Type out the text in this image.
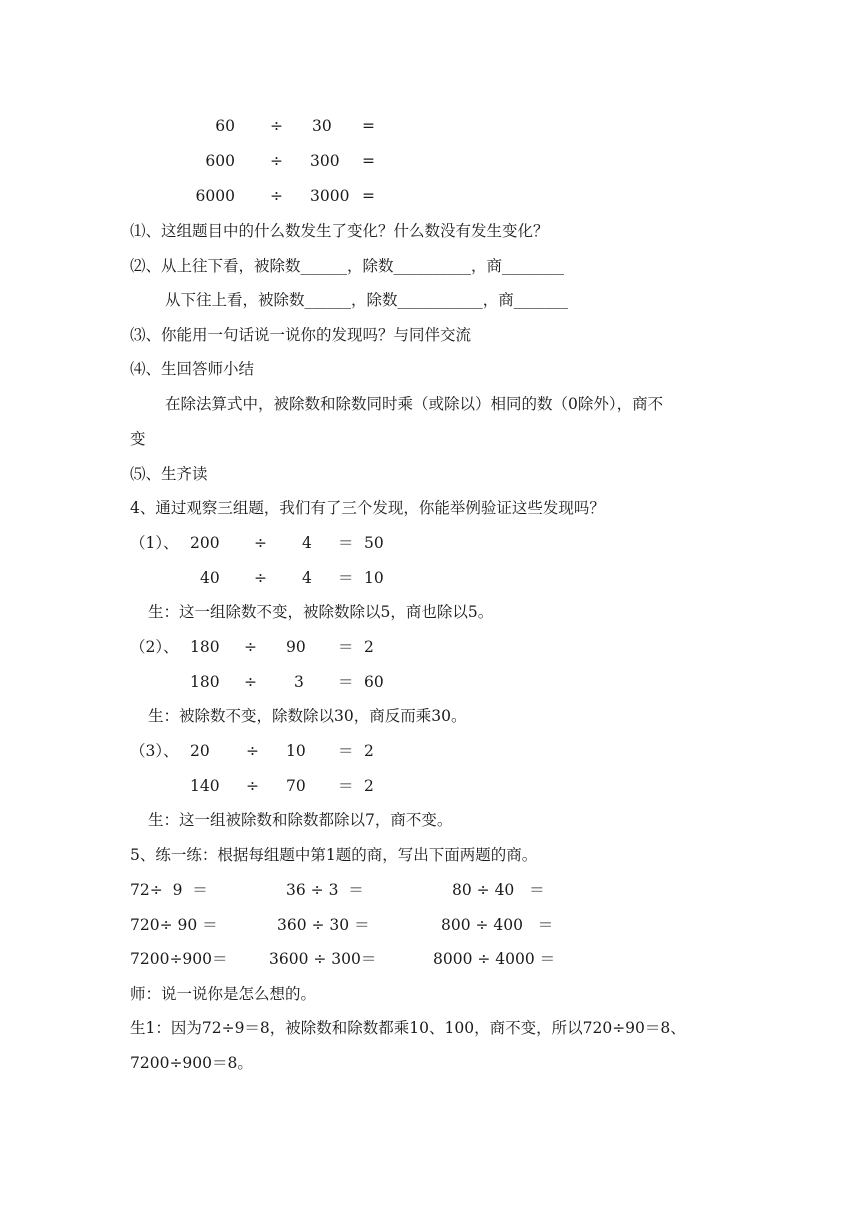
60 ÷ 30 =
600 ÷ 300 =
6000 ÷ 3000 =
⑴、这组题目中的什么数发生了变化？什么数没有发生变化？
⑵、从上往下看，被除数______，除数__________，商________
从下往上看，被除数______，除数___________，商_______
⑶、你能用一句话说一说你的发现吗？与同伴交流
⑷、生回答师小结
在除法算式中，被除数和除数同时乘（或除以）相同的数（0除外），商不
变
⑸、生齐读
4、通过观察三组题，我们有了三个发现，你能举例验证这些发现吗？
（1）、 200 ÷ 4 ＝ 50
40 ÷ 4 ＝ 10
生：这一组除数不变，被除数除以5，商也除以5。
（2）、 180 ÷ 90 ＝ 2
180 ÷ 3 ＝ 60
生：被除数不变，除数除以30，商反而乘30。
（3）、 20 ÷ 10 ＝ 2
140 ÷ 70 ＝ 2
生：这一组被除数和除数都除以7，商不变。
5、练一练：根据每组题中第1题的商，写出下面两题的商。
72÷  9  ＝	36 ÷ 3  ＝	80 ÷ 40   ＝
720÷ 90 ＝	360 ÷ 30 ＝	800 ÷ 400   ＝
7200÷900＝	3600 ÷ 300＝	8000 ÷ 4000 ＝
师：说一说你是怎么想的。
生1：因为72÷9＝8，被除数和除数都乘10、100，商不变，所以720÷90＝8、
7200÷900＝8。
